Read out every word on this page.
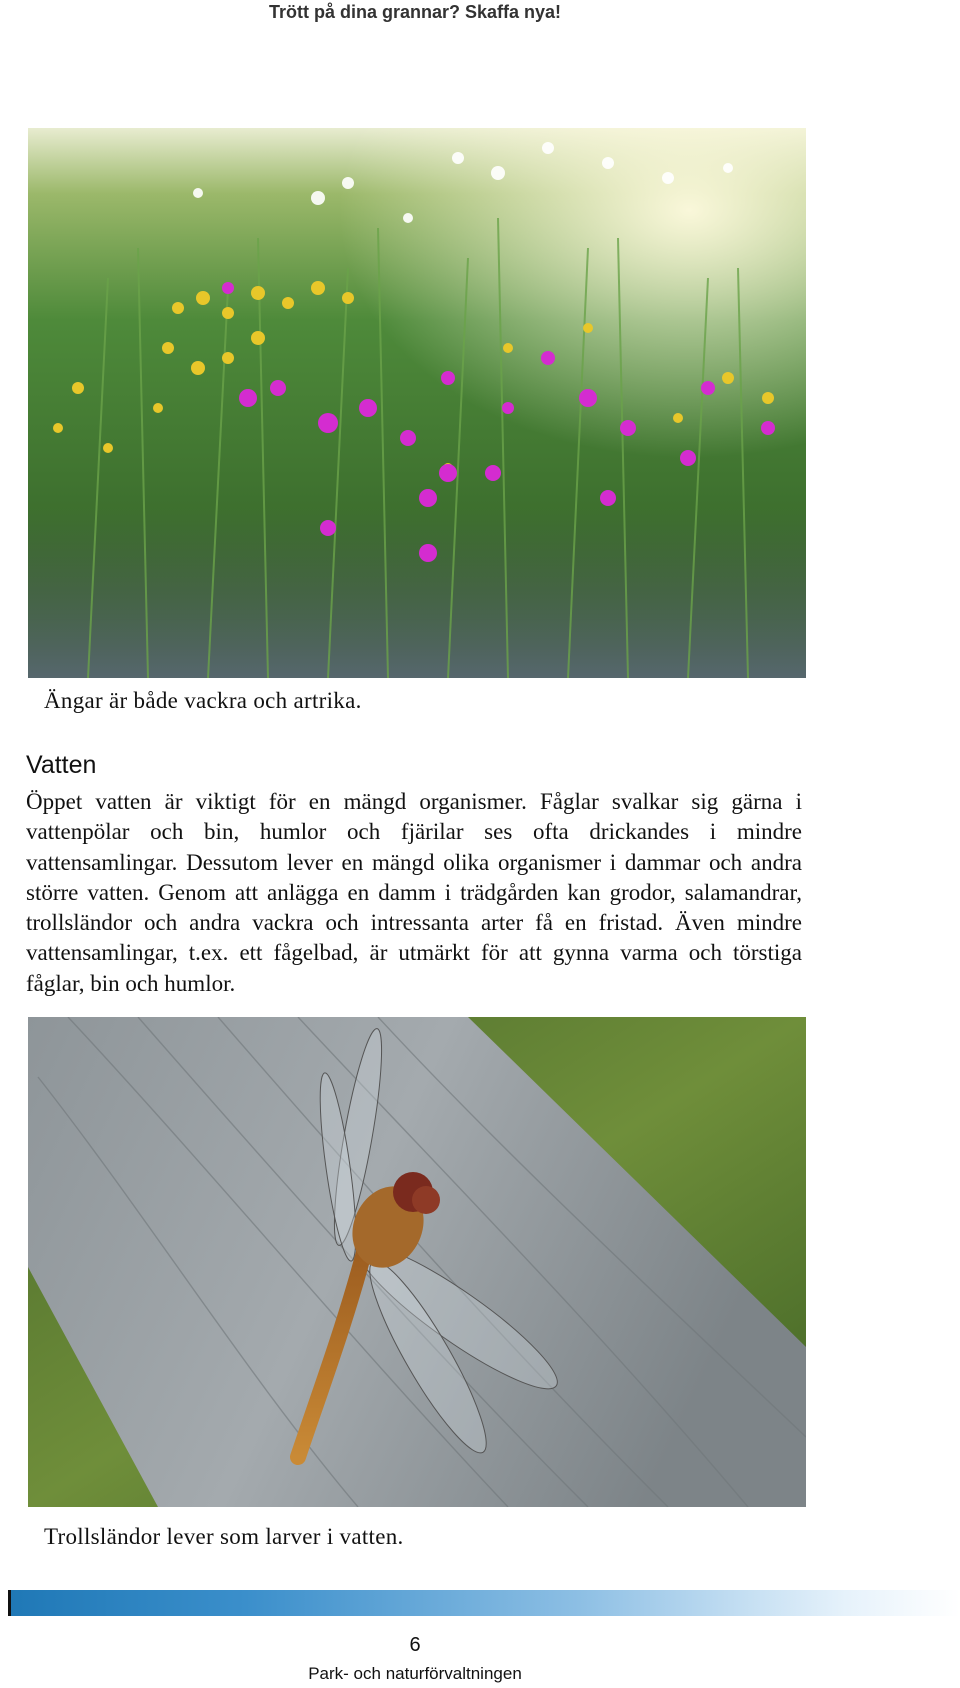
Trött på dina grannar? Skaffa nya!
Ängar är både vackra och artrika.
Vatten

Öppet vatten är viktigt för en mängd organismer. Fåglar svalkar sig gärna i vattenpölar och bin, humlor och fjärilar ses ofta drickandes i mindre vattensamlingar. Dessutom lever en mängd olika organismer i dammar och andra större vatten. Genom att anlägga en damm i trädgården kan grodor, salamandrar, trollsländor och andra vackra och intressanta arter få en fristad. Även mindre vattensamlingar, t.ex. ett fågelbad, är utmärkt för att gynna varma och törstiga fåglar, bin och humlor.

Trollsländor lever som larver i vatten.
6
Park- och naturförvaltningen
